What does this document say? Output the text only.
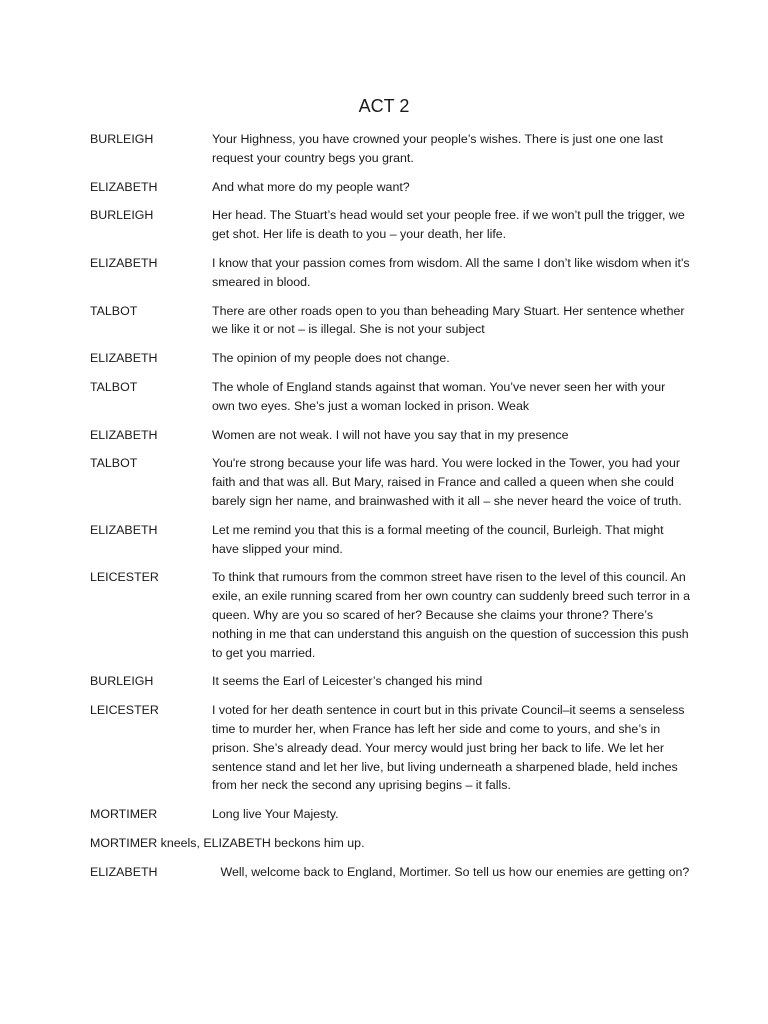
ACT 2
BURLEIGH	Your Highness, you have crowned your people’s wishes. There is just one one last request your country begs you grant.
ELIZABETH	And what more do my people want?
BURLEIGH	Her head. The Stuart’s head would set your people free. if we won’t pull the trigger, we get shot. Her life is death to you – your death, her life.
ELIZABETH	I know that your passion comes from wisdom. All the same I don’t like wisdom when it's smeared in blood.
TALBOT	There are other roads open to you than beheading Mary Stuart. Her sentence whether we like it or not – is illegal. She is not your subject
ELIZABETH	The opinion of my people does not change.
TALBOT	The whole of England stands against that woman. You’ve never seen her with your own two eyes. She’s just a woman locked in prison. Weak
ELIZABETH	Women are not weak. I will not have you say that in my presence
TALBOT	You're strong because your life was hard. You were locked in the Tower, you had your faith and that was all. But Mary, raised in France and called a queen when she could barely sign her name, and brainwashed with it all – she never heard the voice of truth.
ELIZABETH	Let me remind you that this is a formal meeting of the council, Burleigh. That might have slipped your mind.
LEICESTER	To think that rumours from the common street have risen to the level of this council. An exile, an exile running scared from her own country can suddenly breed such terror in a queen. Why are you so scared of her? Because she claims your throne? There’s nothing in me that can understand this anguish on the question of succession this push to get you married.
BURLEIGH	It seems the Earl of Leicester’s changed his mind
LEICESTER	I voted for her death sentence in court but in this private Council–it seems a senseless time to murder her, when France has left her side and come to yours, and she’s in prison. She’s already dead. Your mercy would just bring her back to life. We let her sentence stand and let her live, but living underneath a sharpened blade, held inches from her neck the second any uprising begins – it falls.
MORTIMER	Long live Your Majesty.
MORTIMER kneels, ELIZABETH beckons him up.
ELIZABETH	Well, welcome back to England, Mortimer. So tell us how our enemies are getting on?
